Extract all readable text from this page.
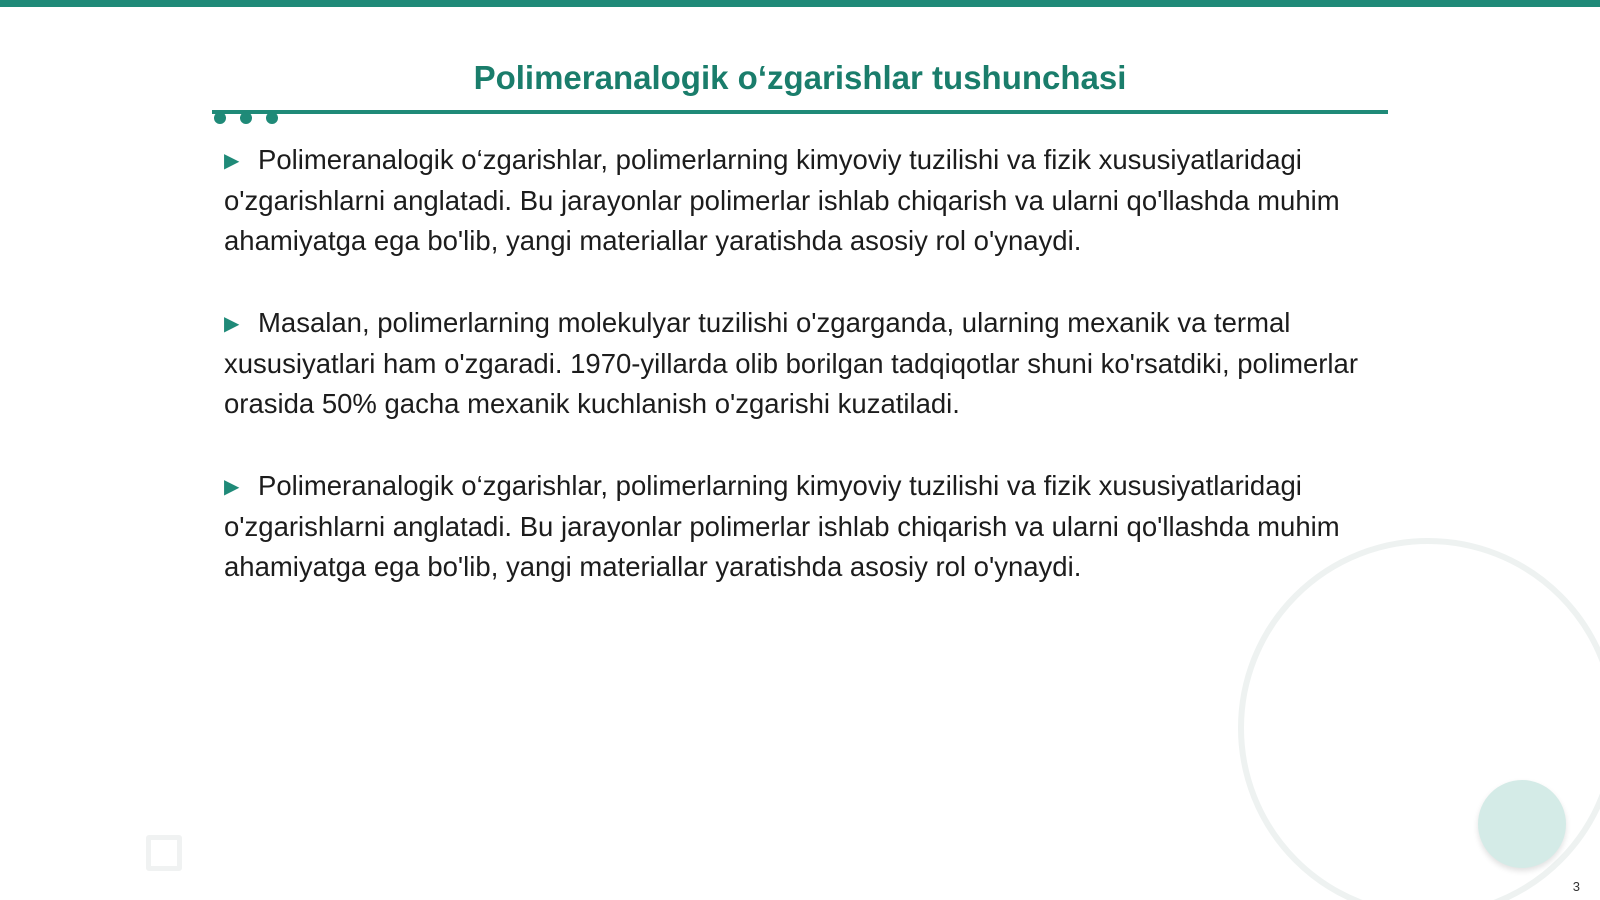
Polimeranalogik o‘zgarishlar tushunchasi

▶ Polimeranalogik o‘zgarishlar, polimerlarning kimyoviy tuzilishi va fizik xususiyatlaridagi o'zgarishlarni anglatadi. Bu jarayonlar polimerlar ishlab chiqarish va ularni qo'llashda muhim ahamiyatga ega bo'lib, yangi materiallar yaratishda asosiy rol o'ynaydi.

▶ Masalan, polimerlarning molekulyar tuzilishi o'zgarganda, ularning mexanik va termal xususiyatlari ham o'zgaradi. 1970-yillarda olib borilgan tadqiqotlar shuni ko'rsatdiki, polimerlar orasida 50% gacha mexanik kuchlanish o'zgarishi kuzatiladi.

▶ Polimeranalogik o‘zgarishlar, polimerlarning kimyoviy tuzilishi va fizik xususiyatlaridagi o'zgarishlarni anglatadi. Bu jarayonlar polimerlar ishlab chiqarish va ularni qo'llashda muhim ahamiyatga ega bo'lib, yangi materiallar yaratishda asosiy rol o'ynaydi.

3
